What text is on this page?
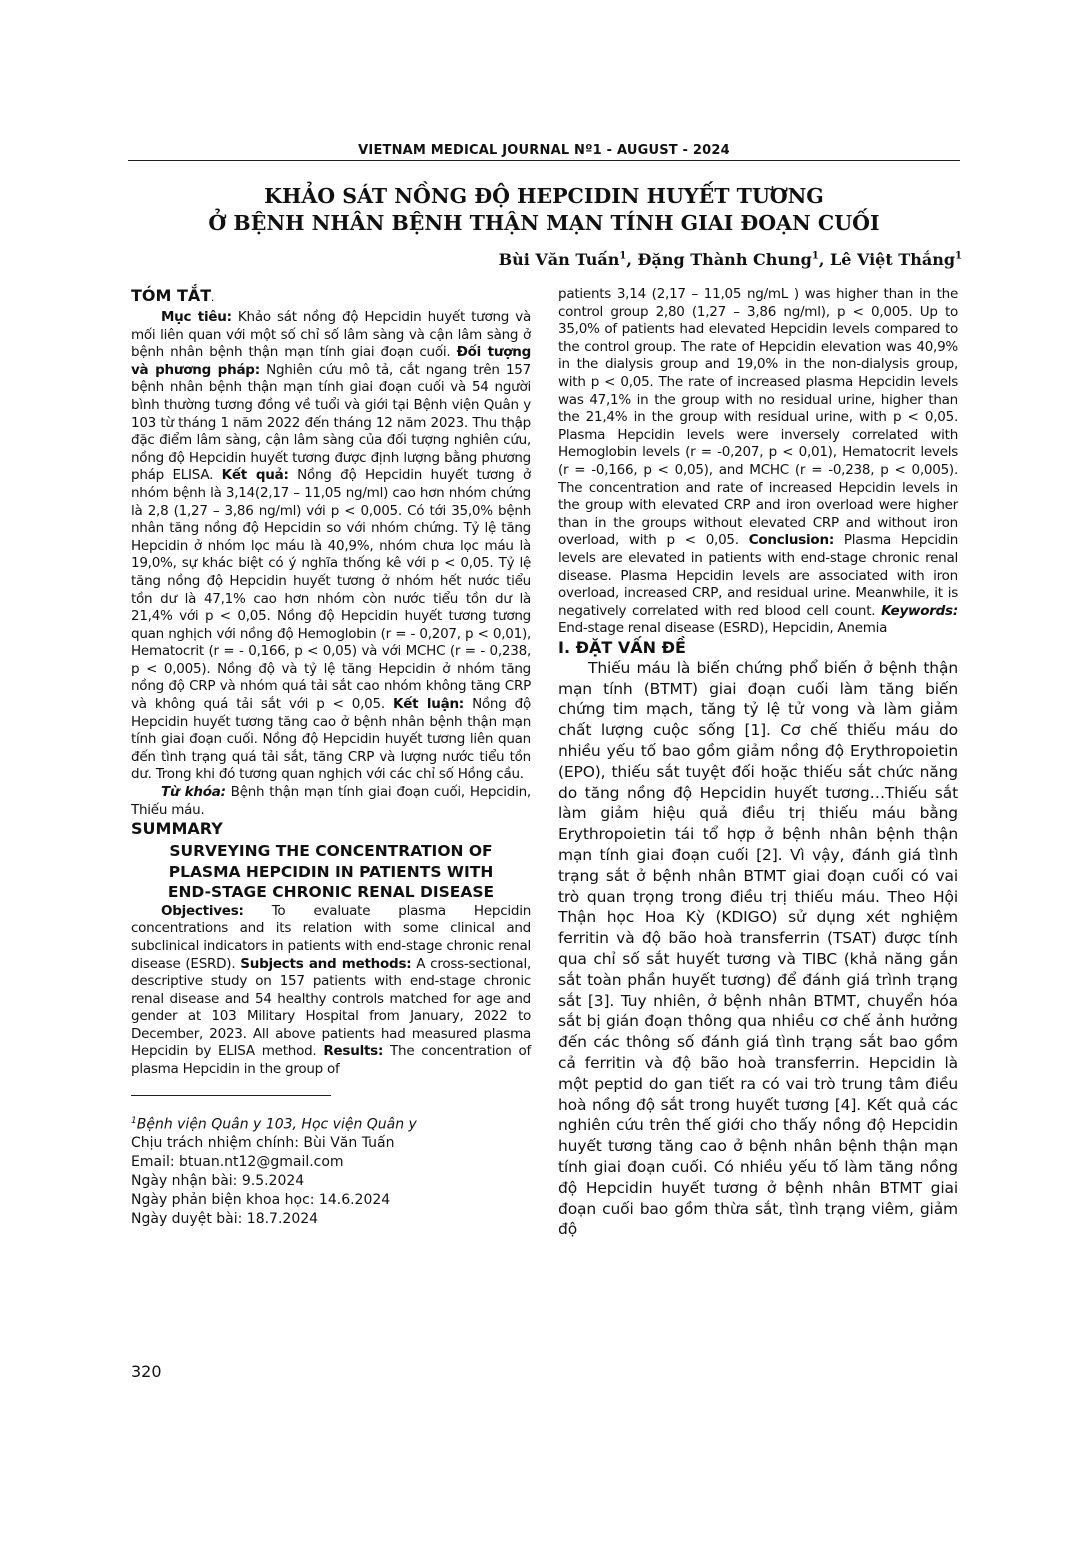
VIETNAM MEDICAL JOURNAL Nº1 - AUGUST - 2024
KHẢO SÁT NỒNG ĐỘ HEPCIDIN HUYẾT TƯƠNG
Ở BỆNH NHÂN BỆNH THẬN MẠN TÍNH GIAI ĐOẠN CUỐI
Bùi Văn Tuấn$^1$, Đặng Thành Chung$^1$, Lê Việt Thắng$^1$
TÓM TẮT.

Mục tiêu: Khảo sát nồng độ Hepcidin huyết tương và mối liên quan với một số chỉ số lâm sàng và cận lâm sàng ở bệnh nhân bệnh thận mạn tính giai đoạn cuối. Đối tượng và phương pháp: Nghiên cứu mô tả, cắt ngang trên 157 bệnh nhân bệnh thận mạn tính giai đoạn cuối và 54 người bình thường tương đồng về tuổi và giới tại Bệnh viện Quân y 103 từ tháng 1 năm 2022 đến tháng 12 năm 2023. Thu thập đặc điểm lâm sàng, cận lâm sàng của đối tượng nghiên cứu, nồng độ Hepcidin huyết tương được định lượng bằng phương pháp ELISA. Kết quả: Nồng độ Hepcidin huyết tương ở nhóm bệnh là 3,14(2,17 – 11,05 ng/ml) cao hơn nhóm chứng là 2,8 (1,27 – 3,86 ng/ml) với p < 0,005. Có tới 35,0% bệnh nhân tăng nồng độ Hepcidin so với nhóm chứng. Tỷ lệ tăng Hepcidin ở nhóm lọc máu là 40,9%, nhóm chưa lọc máu là 19,0%, sự khác biệt có ý nghĩa thống kê với p < 0,05. Tỷ lệ tăng nồng độ Hepcidin huyết tương ở nhóm hết nước tiểu tồn dư là 47,1% cao hơn nhóm còn nước tiểu tồn dư là 21,4% với p < 0,05. Nồng độ Hepcidin huyết tương tương quan nghịch với nồng độ Hemoglobin (r = - 0,207, p < 0,01), Hematocrit (r = - 0,166, p < 0,05) và với MCHC (r = - 0,238, p < 0,005). Nồng độ và tỷ lệ tăng Hepcidin ở nhóm tăng nồng độ CRP và nhóm quá tải sắt cao nhóm không tăng CRP và không quá tải sắt với p < 0,05. Kết luận: Nồng độ Hepcidin huyết tương tăng cao ở bệnh nhân bệnh thận mạn tính giai đoạn cuối. Nồng độ Hepcidin huyết tương liên quan đến tình trạng quá tải sắt, tăng CRP và lượng nước tiểu tồn dư. Trong khi đó tương quan nghịch với các chỉ số Hồng cầu.

Từ khóa: Bệnh thận mạn tính giai đoạn cuối, Hepcidin, Thiếu máu.

SUMMARY
SURVEYING THE CONCENTRATION OF
PLASMA HEPCIDIN IN PATIENTS WITH
END-STAGE CHRONIC RENAL DISEASE

Objectives: To evaluate plasma Hepcidin concentrations and its relation with some clinical and subclinical indicators in patients with end-stage chronic renal disease (ESRD). Subjects and methods: A cross-sectional, descriptive study on 157 patients with end-stage chronic renal disease and 54 healthy controls matched for age and gender at 103 Military Hospital from January, 2022 to December, 2023. All above patients had measured plasma Hepcidin by ELISA method. Results: The concentration of plasma Hepcidin in the group of

$^1$Bệnh viện Quân y 103, Học viện Quân y
Chịu trách nhiệm chính: Bùi Văn Tuấn
Email: btuan.nt12@gmail.com
Ngày nhận bài: 9.5.2024
Ngày phản biện khoa học: 14.6.2024
Ngày duyệt bài: 18.7.2024

patients 3,14 (2,17 – 11,05 ng/mL ) was higher than in the control group 2,80 (1,27 – 3,86 ng/ml), p < 0,005. Up to 35,0% of patients had elevated Hepcidin levels compared to the control group. The rate of Hepcidin elevation was 40,9% in the dialysis group and 19,0% in the non-dialysis group, with p < 0,05. The rate of increased plasma Hepcidin levels was 47,1% in the group with no residual urine, higher than the 21,4% in the group with residual urine, with p < 0,05. Plasma Hepcidin levels were inversely correlated with Hemoglobin levels (r = -0,207, p < 0,01), Hematocrit levels (r = -0,166, p < 0,05), and MCHC (r = -0,238, p < 0,005). The concentration and rate of increased Hepcidin levels in the group with elevated CRP and iron overload were higher than in the groups without elevated CRP and without iron overload, with p < 0,05. Conclusion: Plasma Hepcidin levels are elevated in patients with end-stage chronic renal disease. Plasma Hepcidin levels are associated with iron overload, increased CRP, and residual urine. Meanwhile, it is negatively correlated with red blood cell count. Keywords: End-stage renal disease (ESRD), Hepcidin, Anemia

I. ĐẶT VẤN ĐỀ

Thiếu máu là biến chứng phổ biến ở bệnh thận mạn tính (BTMT) giai đoạn cuối làm tăng biến chứng tim mạch, tăng tỷ lệ tử vong và làm giảm chất lượng cuộc sống [1]. Cơ chế thiếu máu do nhiều yếu tố bao gồm giảm nồng độ Erythropoietin (EPO), thiếu sắt tuyệt đối hoặc thiếu sắt chức năng do tăng nồng độ Hepcidin huyết tương…Thiếu sắt làm giảm hiệu quả điều trị thiếu máu bằng Erythropoietin tái tổ hợp ở bệnh nhân bệnh thận mạn tính giai đoạn cuối [2]. Vì vậy, đánh giá tình trạng sắt ở bệnh nhân BTMT giai đoạn cuối có vai trò quan trọng trong điều trị thiếu máu. Theo Hội Thận học Hoa Kỳ (KDIGO) sử dụng xét nghiệm ferritin và độ bão hoà transferrin (TSAT) được tính qua chỉ số sắt huyết tương và TIBC (khả năng gắn sắt toàn phần huyết tương) để đánh giá trình trạng sắt [3]. Tuy nhiên, ở bệnh nhân BTMT, chuyển hóa sắt bị gián đoạn thông qua nhiều cơ chế ảnh hưởng đến các thông số đánh giá tình trạng sắt bao gồm cả ferritin và độ bão hoà transferrin. Hepcidin là một peptid do gan tiết ra có vai trò trung tâm điều hoà nồng độ sắt trong huyết tương [4]. Kết quả các nghiên cứu trên thế giới cho thấy nồng độ Hepcidin huyết tương tăng cao ở bệnh nhân bệnh thận mạn tính giai đoạn cuối. Có nhiều yếu tố làm tăng nồng độ Hepcidin huyết tương ở bệnh nhân BTMT giai đoạn cuối bao gồm thừa sắt, tình trạng viêm, giảm độ

320
